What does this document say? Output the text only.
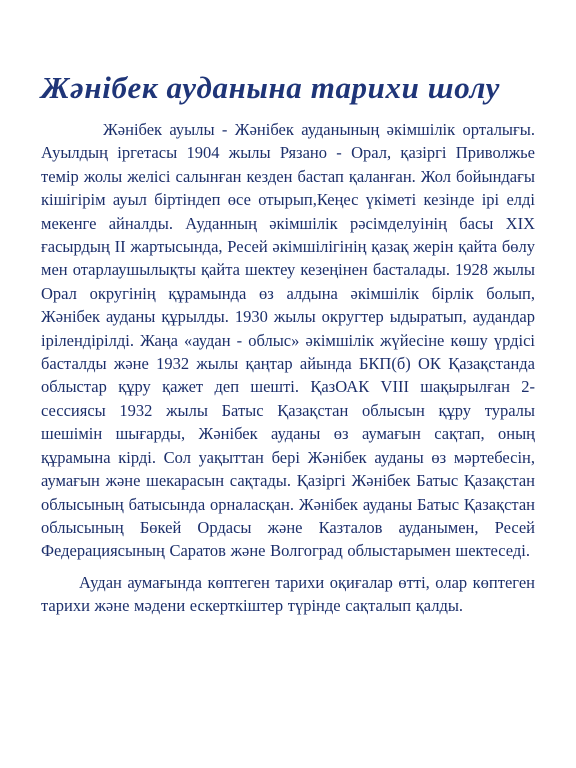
Жәнібек ауданына тарихи шолу

Жәнібек ауылы - Жәнібек ауданының әкімшілік орталығы. Ауылдың іргетасы 1904 жылы Рязано - Орал, қазіргі Приволжье темір жолы желісі салынған кезден бастап қаланған. Жол бойындағы кішігірім ауыл біртіндеп өсе отырып,Кеңес үкіметі кезінде ірі елді мекенге айналды. Ауданның әкімшілік рәсімделуінің басы XIX ғасырдың II жартысында, Ресей әкімшілігінің қазақ жерін қайта бөлу мен отарлаушылықты қайта шектеу кезеңінен басталады. 1928 жылы Орал округінің құрамында өз алдына әкімшілік бірлік болып, Жәнібек ауданы құрылды. 1930 жылы округтер ыдыратып, аудандар ірілендірілді. Жаңа «аудан - облыс» әкімшілік жүйесіне көшу үрдісі басталды және 1932 жылы қаңтар айында БКП(б) ОК Қазақстанда облыстар құру қажет деп шешті. ҚазОАК VIII шақырылған 2-сессиясы 1932 жылы Батыс Қазақстан облысын құру туралы шешімін шығарды, Жәнібек ауданы өз аумағын сақтап, оның құрамына кірді. Сол уақыттан бері Жәнібек ауданы өз мәртебесін, аумағын және шекарасын сақтады. Қазіргі Жәнібек Батыс Қазақстан облысының батысында орналасқан. Жәнібек ауданы Батыс Қазақстан облысының Бөкей Ордасы және Казталов ауданымен, Ресей Федерациясының Саратов және Волгоград облыстарымен шектеседі.

Аудан аумағында көптеген тарихи оқиғалар өтті, олар көптеген тарихи және мәдени ескерткіштер түрінде сақталып қалды.
